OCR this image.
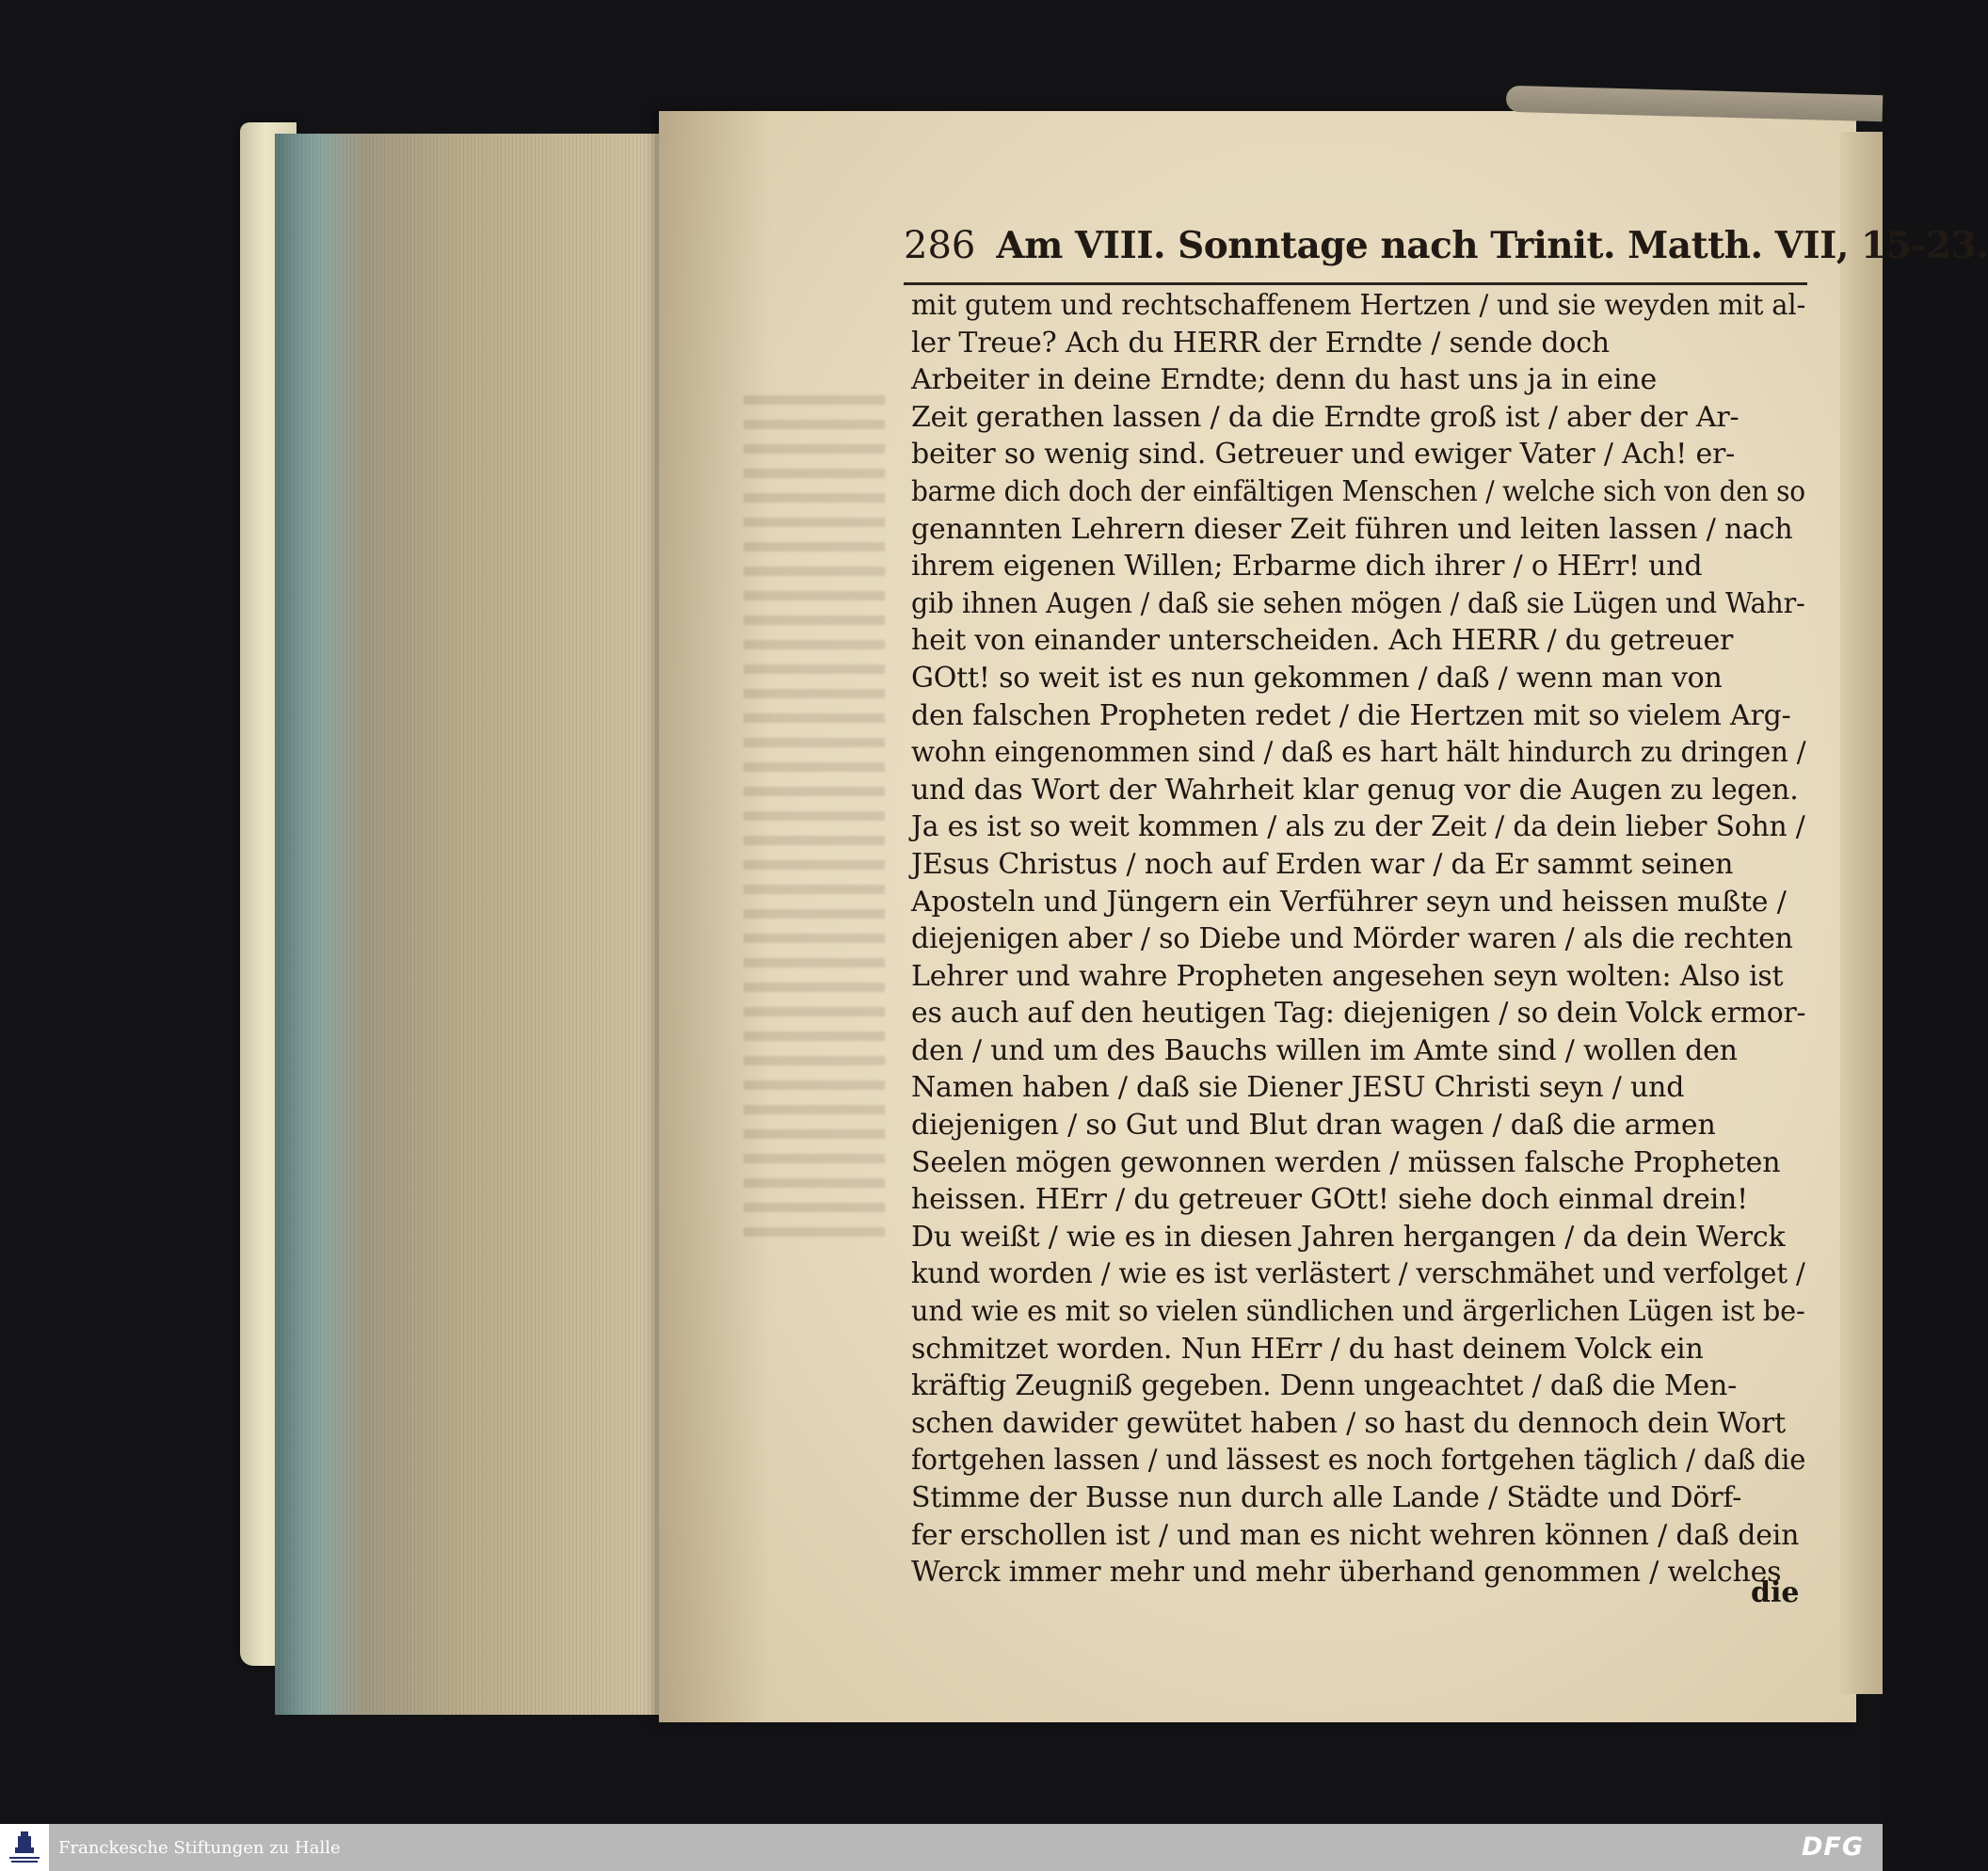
286 Am VIII. Sonntage nach Trinit. Matth. VII, 15-23.
mit gutem und rechtschaffenem Hertzen / und sie weyden mit al-
ler Treue? Ach du HERR der Erndte / sende doch
Arbeiter in deine Erndte; denn du hast uns ja in eine
Zeit gerathen lassen / da die Erndte groß ist / aber der Ar-
beiter so wenig sind. Getreuer und ewiger Vater / Ach! er-
barme dich doch der einfältigen Menschen / welche sich von den so
genannten Lehrern dieser Zeit führen und leiten lassen / nach
ihrem eigenen Willen; Erbarme dich ihrer / o HErr! und
gib ihnen Augen / daß sie sehen mögen / daß sie Lügen und Wahr-
heit von einander unterscheiden. Ach HERR / du getreuer
GOtt! so weit ist es nun gekommen / daß / wenn man von
den falschen Propheten redet / die Hertzen mit so vielem Arg-
wohn eingenommen sind / daß es hart hält hindurch zu dringen /
und das Wort der Wahrheit klar genug vor die Augen zu legen.
Ja es ist so weit kommen / als zu der Zeit / da dein lieber Sohn /
JEsus Christus / noch auf Erden war / da Er sammt seinen
Aposteln und Jüngern ein Verführer seyn und heissen mußte /
diejenigen aber / so Diebe und Mörder waren / als die rechten
Lehrer und wahre Propheten angesehen seyn wolten: Also ist
es auch auf den heutigen Tag: diejenigen / so dein Volck ermor-
den / und um des Bauchs willen im Amte sind / wollen den
Namen haben / daß sie Diener JESU Christi seyn / und
diejenigen / so Gut und Blut dran wagen / daß die armen
Seelen mögen gewonnen werden / müssen falsche Propheten
heissen. HErr / du getreuer GOtt! siehe doch einmal drein!
Du weißt / wie es in diesen Jahren hergangen / da dein Werck
kund worden / wie es ist verlästert / verschmähet und verfolget /
und wie es mit so vielen sündlichen und ärgerlichen Lügen ist be-
schmitzet worden. Nun HErr / du hast deinem Volck ein
kräftig Zeugniß gegeben. Denn ungeachtet / daß die Men-
schen dawider gewütet haben / so hast du dennoch dein Wort
fortgehen lassen / und lässest es noch fortgehen täglich / daß die
Stimme der Busse nun durch alle Lande / Städte und Dörf-
fer erschollen ist / und man es nicht wehren können / daß dein
Werck immer mehr und mehr überhand genommen / welches
die
Franckesche Stiftungen zu Halle	DFG
